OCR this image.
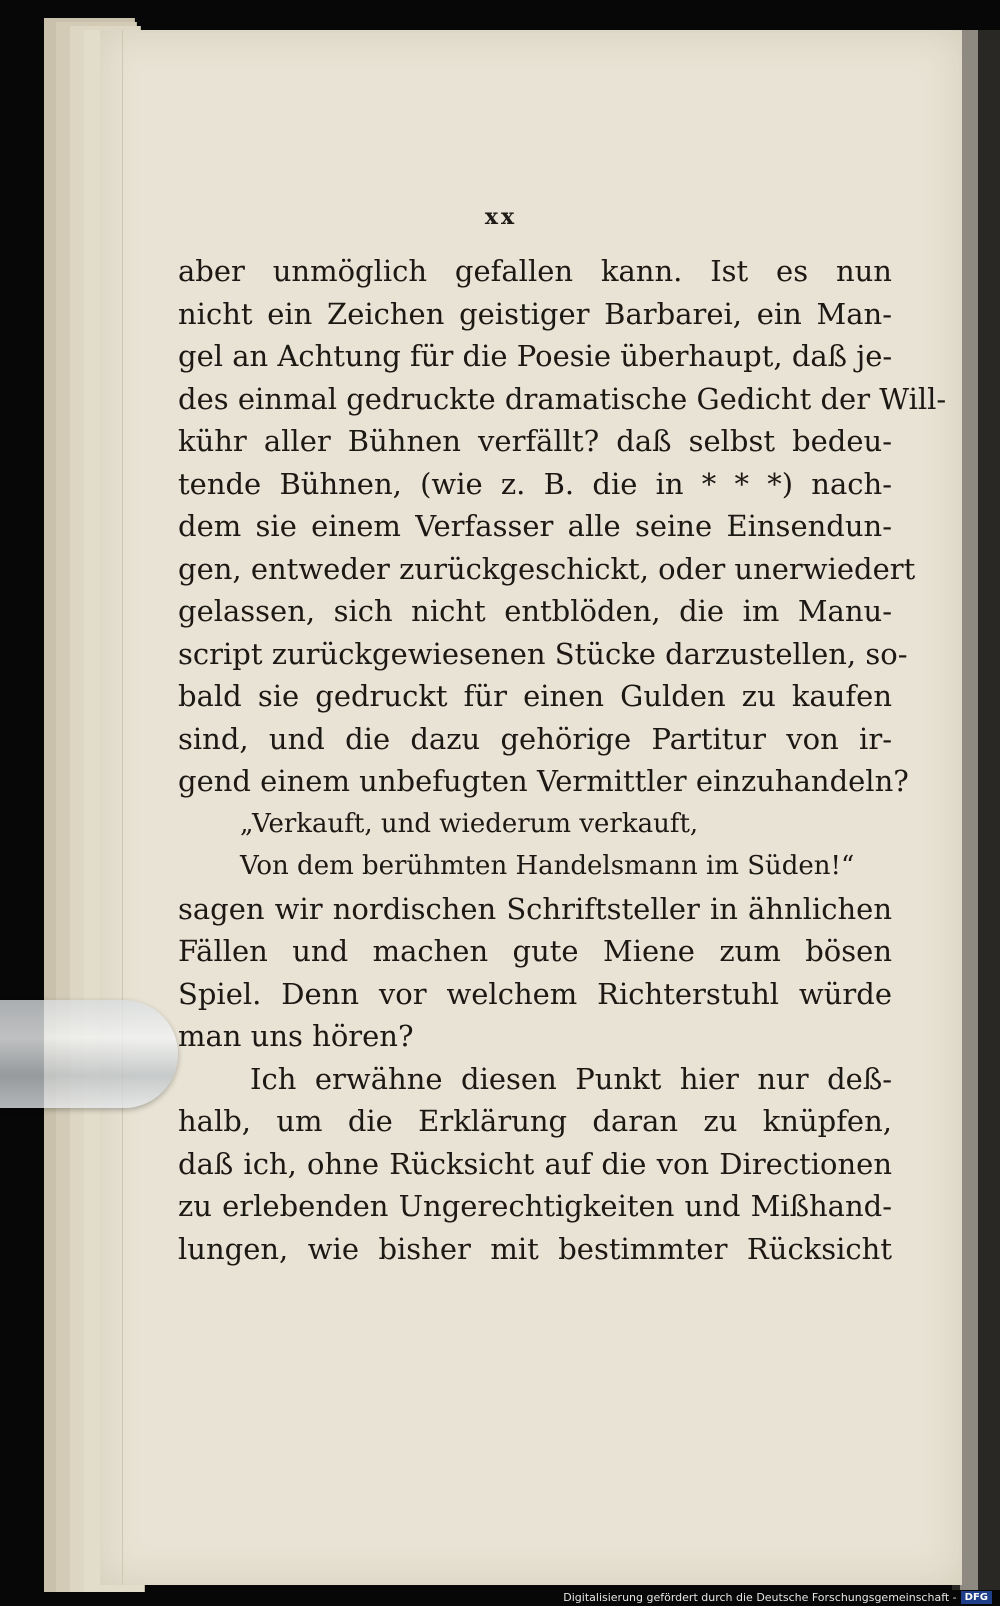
xx
aber unmöglich gefallen kann. Ist es nun
nicht ein Zeichen geistiger Barbarei, ein Man-
gel an Achtung für die Poesie überhaupt, daß je-
des einmal gedruckte dramatische Gedicht der Will-
kühr aller Bühnen verfällt? daß selbst bedeu-
tende Bühnen, (wie z. B. die in * * *) nach-
dem sie einem Verfasser alle seine Einsendun-
gen, entweder zurückgeschickt, oder unerwiedert
gelassen, sich nicht entblöden, die im Manu-
script zurückgewiesenen Stücke darzustellen, so-
bald sie gedruckt für einen Gulden zu kaufen
sind, und die dazu gehörige Partitur von ir-
gend einem unbefugten Vermittler einzuhandeln?
„Verkauft, und wiederum verkauft,
Von dem berühmten Handelsmann im Süden!“
sagen wir nordischen Schriftsteller in ähnlichen
Fällen und machen gute Miene zum bösen
Spiel. Denn vor welchem Richterstuhl würde
man uns hören?
Ich erwähne diesen Punkt hier nur deß-
halb, um die Erklärung daran zu knüpfen,
daß ich, ohne Rücksicht auf die von Directionen
zu erlebenden Ungerechtigkeiten und Mißhand-
lungen, wie bisher mit bestimmter Rücksicht
Digitalisierung gefördert durch die Deutsche Forschungsgemeinschaft - DFG
